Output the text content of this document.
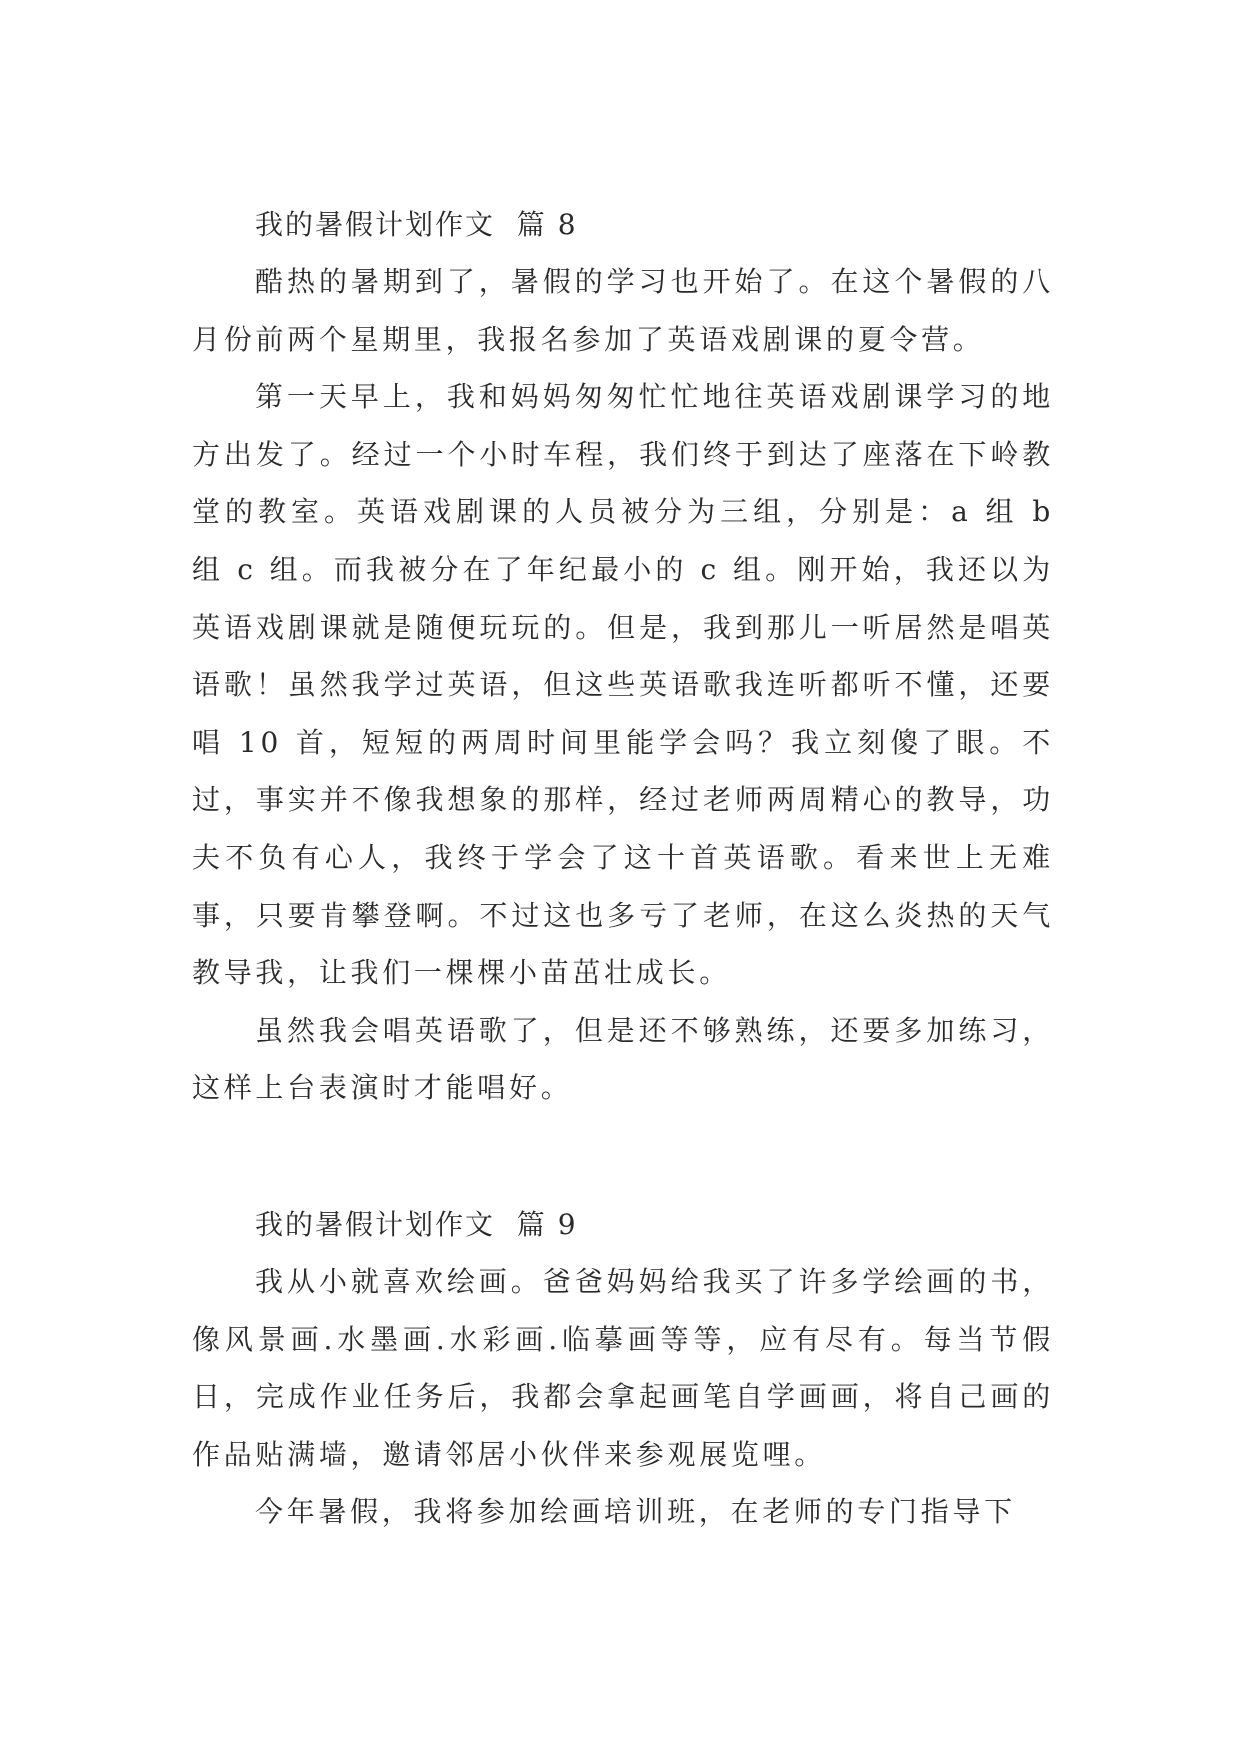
我的暑假计划作文  篇 8

酷热的暑期到了，暑假的学习也开始了。在这个暑假的八月份前两个星期里，我报名参加了英语戏剧课的夏令营。

第一天早上，我和妈妈匆匆忙忙地往英语戏剧课学习的地方出发了。经过一个小时车程，我们终于到达了座落在下岭教堂的教室。英语戏剧课的人员被分为三组，分别是：a 组 b 组 c 组。而我被分在了年纪最小的 c 组。刚开始，我还以为英语戏剧课就是随便玩玩的。但是，我到那儿一听居然是唱英语歌！虽然我学过英语，但这些英语歌我连听都听不懂，还要唱 10 首，短短的两周时间里能学会吗？我立刻傻了眼。不过，事实并不像我想象的那样，经过老师两周精心的教导，功夫不负有心人，我终于学会了这十首英语歌。看来世上无难事，只要肯攀登啊。不过这也多亏了老师，在这么炎热的天气教导我，让我们一棵棵小苗茁壮成长。

虽然我会唱英语歌了，但是还不够熟练，还要多加练习，这样上台表演时才能唱好。

我的暑假计划作文  篇 9

我从小就喜欢绘画。爸爸妈妈给我买了许多学绘画的书，像风景画.水墨画.水彩画.临摹画等等，应有尽有。每当节假日，完成作业任务后，我都会拿起画笔自学画画，将自己画的作品贴满墙，邀请邻居小伙伴来参观展览哩。

今年暑假，我将参加绘画培训班，在老师的专门指导下
